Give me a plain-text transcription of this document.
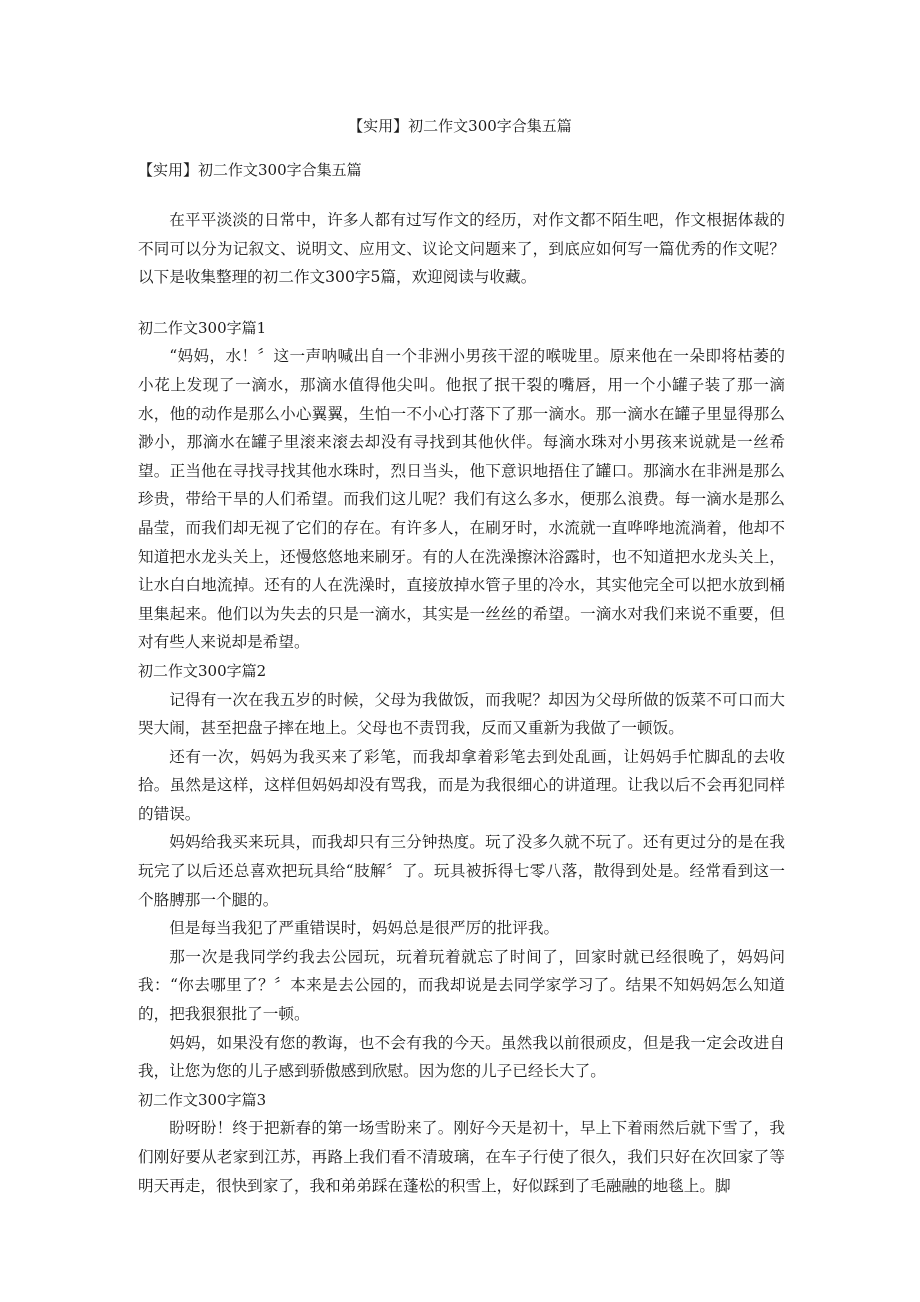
【实用】初二作文300字合集五篇

【实用】初二作文300字合集五篇

在平平淡淡的日常中，许多人都有过写作文的经历，对作文都不陌生吧，作文根据体裁的不同可以分为记叙文、说明文、应用文、议论文问题来了，到底应如何写一篇优秀的作文呢？以下是收集整理的初二作文300字5篇，欢迎阅读与收藏。

初二作文300字篇1

“妈妈，水！〞这一声呐喊出自一个非洲小男孩干涩的喉咙里。原来他在一朵即将枯萎的小花上发现了一滴水，那滴水值得他尖叫。他抿了抿干裂的嘴唇，用一个小罐子装了那一滴水，他的动作是那么小心翼翼，生怕一不小心打落下了那一滴水。那一滴水在罐子里显得那么渺小，那滴水在罐子里滚来滚去却没有寻找到其他伙伴。每滴水珠对小男孩来说就是一丝希望。正当他在寻找寻找其他水珠时，烈日当头，他下意识地捂住了罐口。那滴水在非洲是那么珍贵，带给干旱的人们希望。而我们这儿呢？我们有这么多水，便那么浪费。每一滴水是那么晶莹，而我们却无视了它们的存在。有许多人，在刷牙时，水流就一直哗哗地流淌着，他却不知道把水龙头关上，还慢悠悠地来刷牙。有的人在洗澡擦沐浴露时，也不知道把水龙头关上，让水白白地流掉。还有的人在洗澡时，直接放掉水管子里的冷水，其实他完全可以把水放到桶里集起来。他们以为失去的只是一滴水，其实是一丝丝的希望。一滴水对我们来说不重要，但对有些人来说却是希望。

初二作文300字篇2

记得有一次在我五岁的时候，父母为我做饭，而我呢？却因为父母所做的饭菜不可口而大哭大闹，甚至把盘子摔在地上。父母也不责罚我，反而又重新为我做了一顿饭。

还有一次，妈妈为我买来了彩笔，而我却拿着彩笔去到处乱画，让妈妈手忙脚乱的去收拾。虽然是这样，这样但妈妈却没有骂我，而是为我很细心的讲道理。让我以后不会再犯同样的错误。

妈妈给我买来玩具，而我却只有三分钟热度。玩了没多久就不玩了。还有更过分的是在我玩完了以后还总喜欢把玩具给“肢解〞了。玩具被拆得七零八落，散得到处是。经常看到这一个胳膊那一个腿的。

但是每当我犯了严重错误时，妈妈总是很严厉的批评我。

那一次是我同学约我去公园玩，玩着玩着就忘了时间了，回家时就已经很晚了，妈妈问我：“你去哪里了？〞本来是去公园的，而我却说是去同学家学习了。结果不知妈妈怎么知道的，把我狠狠批了一顿。

妈妈，如果没有您的教诲，也不会有我的今天。虽然我以前很顽皮，但是我一定会改进自我，让您为您的儿子感到骄傲感到欣慰。因为您的儿子已经长大了。

初二作文300字篇3

盼呀盼！终于把新春的第一场雪盼来了。刚好今天是初十，早上下着雨然后就下雪了，我们刚好要从老家到江苏，再路上我们看不清玻璃，在车子行使了很久，我们只好在次回家了等明天再走，很快到家了，我和弟弟踩在蓬松的积雪上，好似踩到了毛融融的地毯上。脚
